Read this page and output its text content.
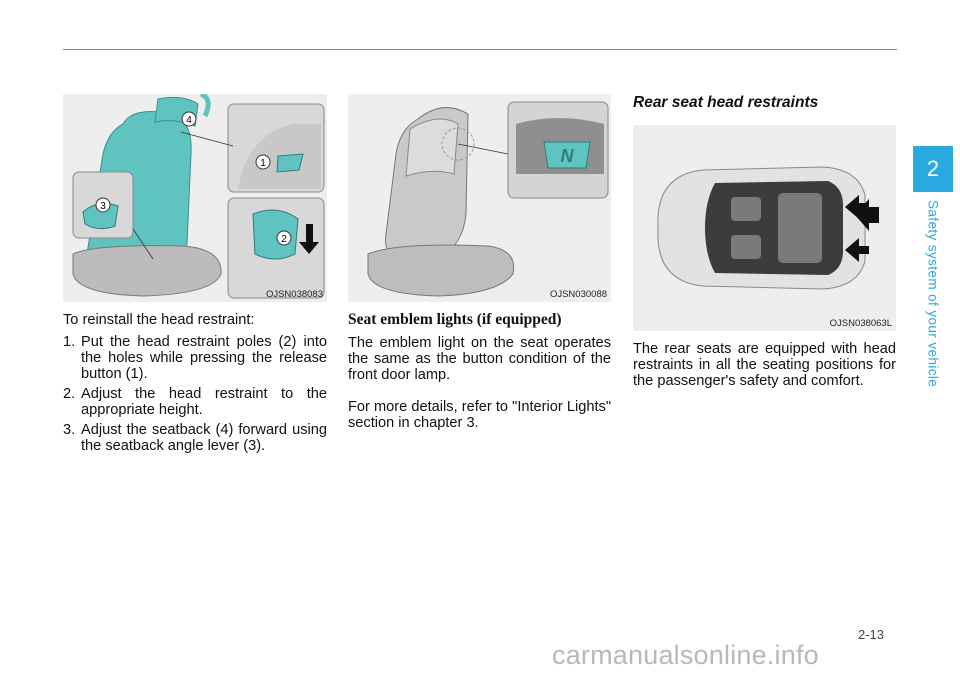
2
Safety system of your vehicle
4
1
2
3
OJSN038083

To reinstall the head restraint:

1. Put the head restraint poles (2) into the holes while pressing the release button (1).
2. Adjust the head restraint to the appropriate height.
3. Adjust the seatback (4) forward using the seatback angle lever (3).
N
OJSN030088
Seat emblem lights (if equipped)

The emblem light on the seat operates the same as the button condition of the front door lamp.

For more details, refer to "Interior Lights" section in chapter 3.

Rear seat head restraints
OJSN038063L

The rear seats are equipped with head restraints in all the seating positions for the passenger's safety and comfort.

2-13
carmanualsonline.info
